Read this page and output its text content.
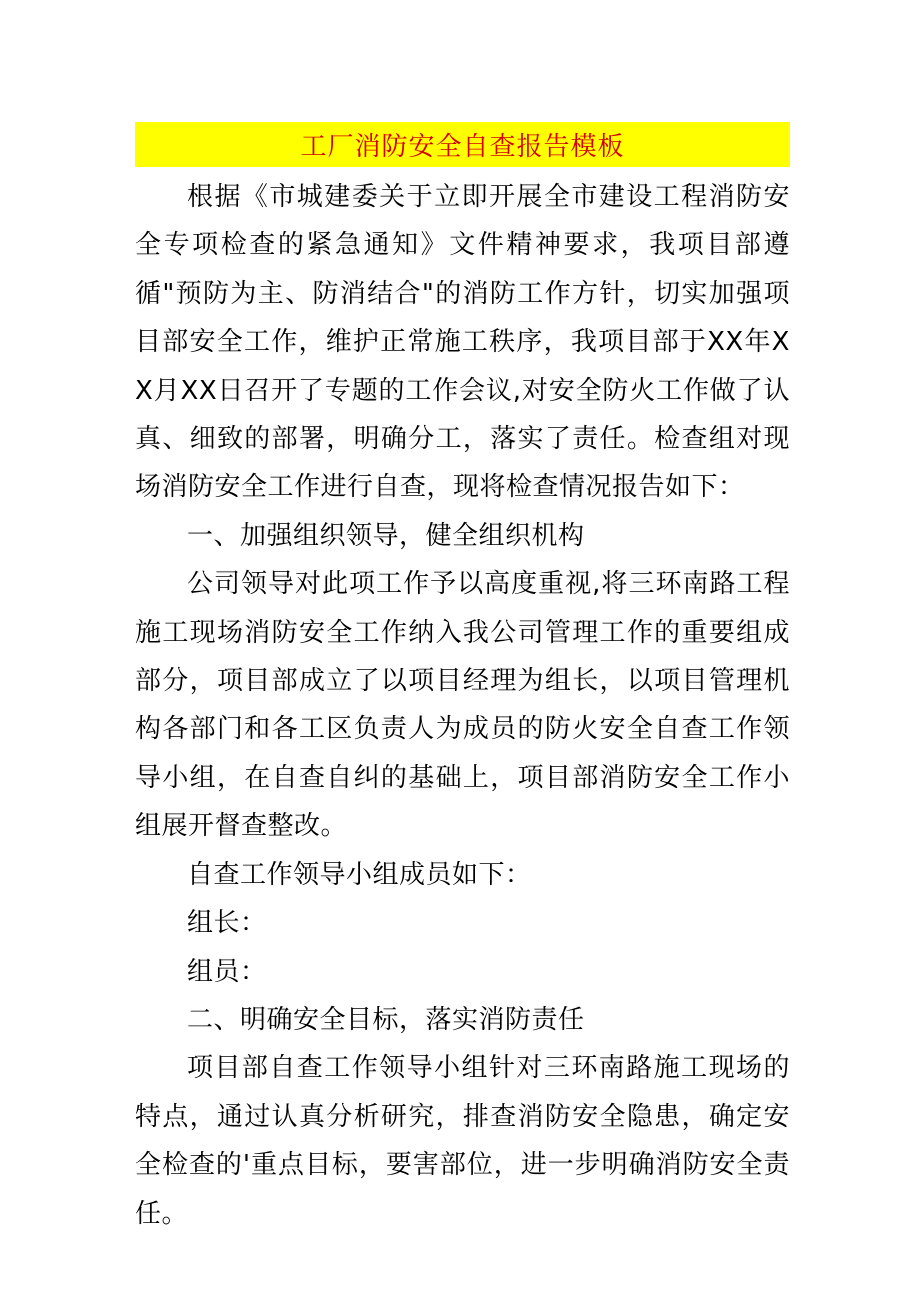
工厂消防安全自查报告模板

根据《市城建委关于立即开展全市建设工程消防安全专项检查的紧急通知》文件精神要求，我项目部遵循"预防为主、防消结合"的消防工作方针，切实加强项目部安全工作，维护正常施工秩序，我项目部于XX年XX月XX日召开了专题的工作会议,对安全防火工作做了认真、细致的部署，明确分工，落实了责任。检查组对现场消防安全工作进行自查，现将检查情况报告如下：

一、加强组织领导，健全组织机构

公司领导对此项工作予以高度重视,将三环南路工程施工现场消防安全工作纳入我公司管理工作的重要组成部分，项目部成立了以项目经理为组长，以项目管理机构各部门和各工区负责人为成员的防火安全自查工作领导小组，在自查自纠的基础上，项目部消防安全工作小组展开督查整改。

自查工作领导小组成员如下：

组长：

组员：

二、明确安全目标，落实消防责任

项目部自查工作领导小组针对三环南路施工现场的特点，通过认真分析研究，排查消防安全隐患，确定安全检查的'重点目标，要害部位，进一步明确消防安全责任。
